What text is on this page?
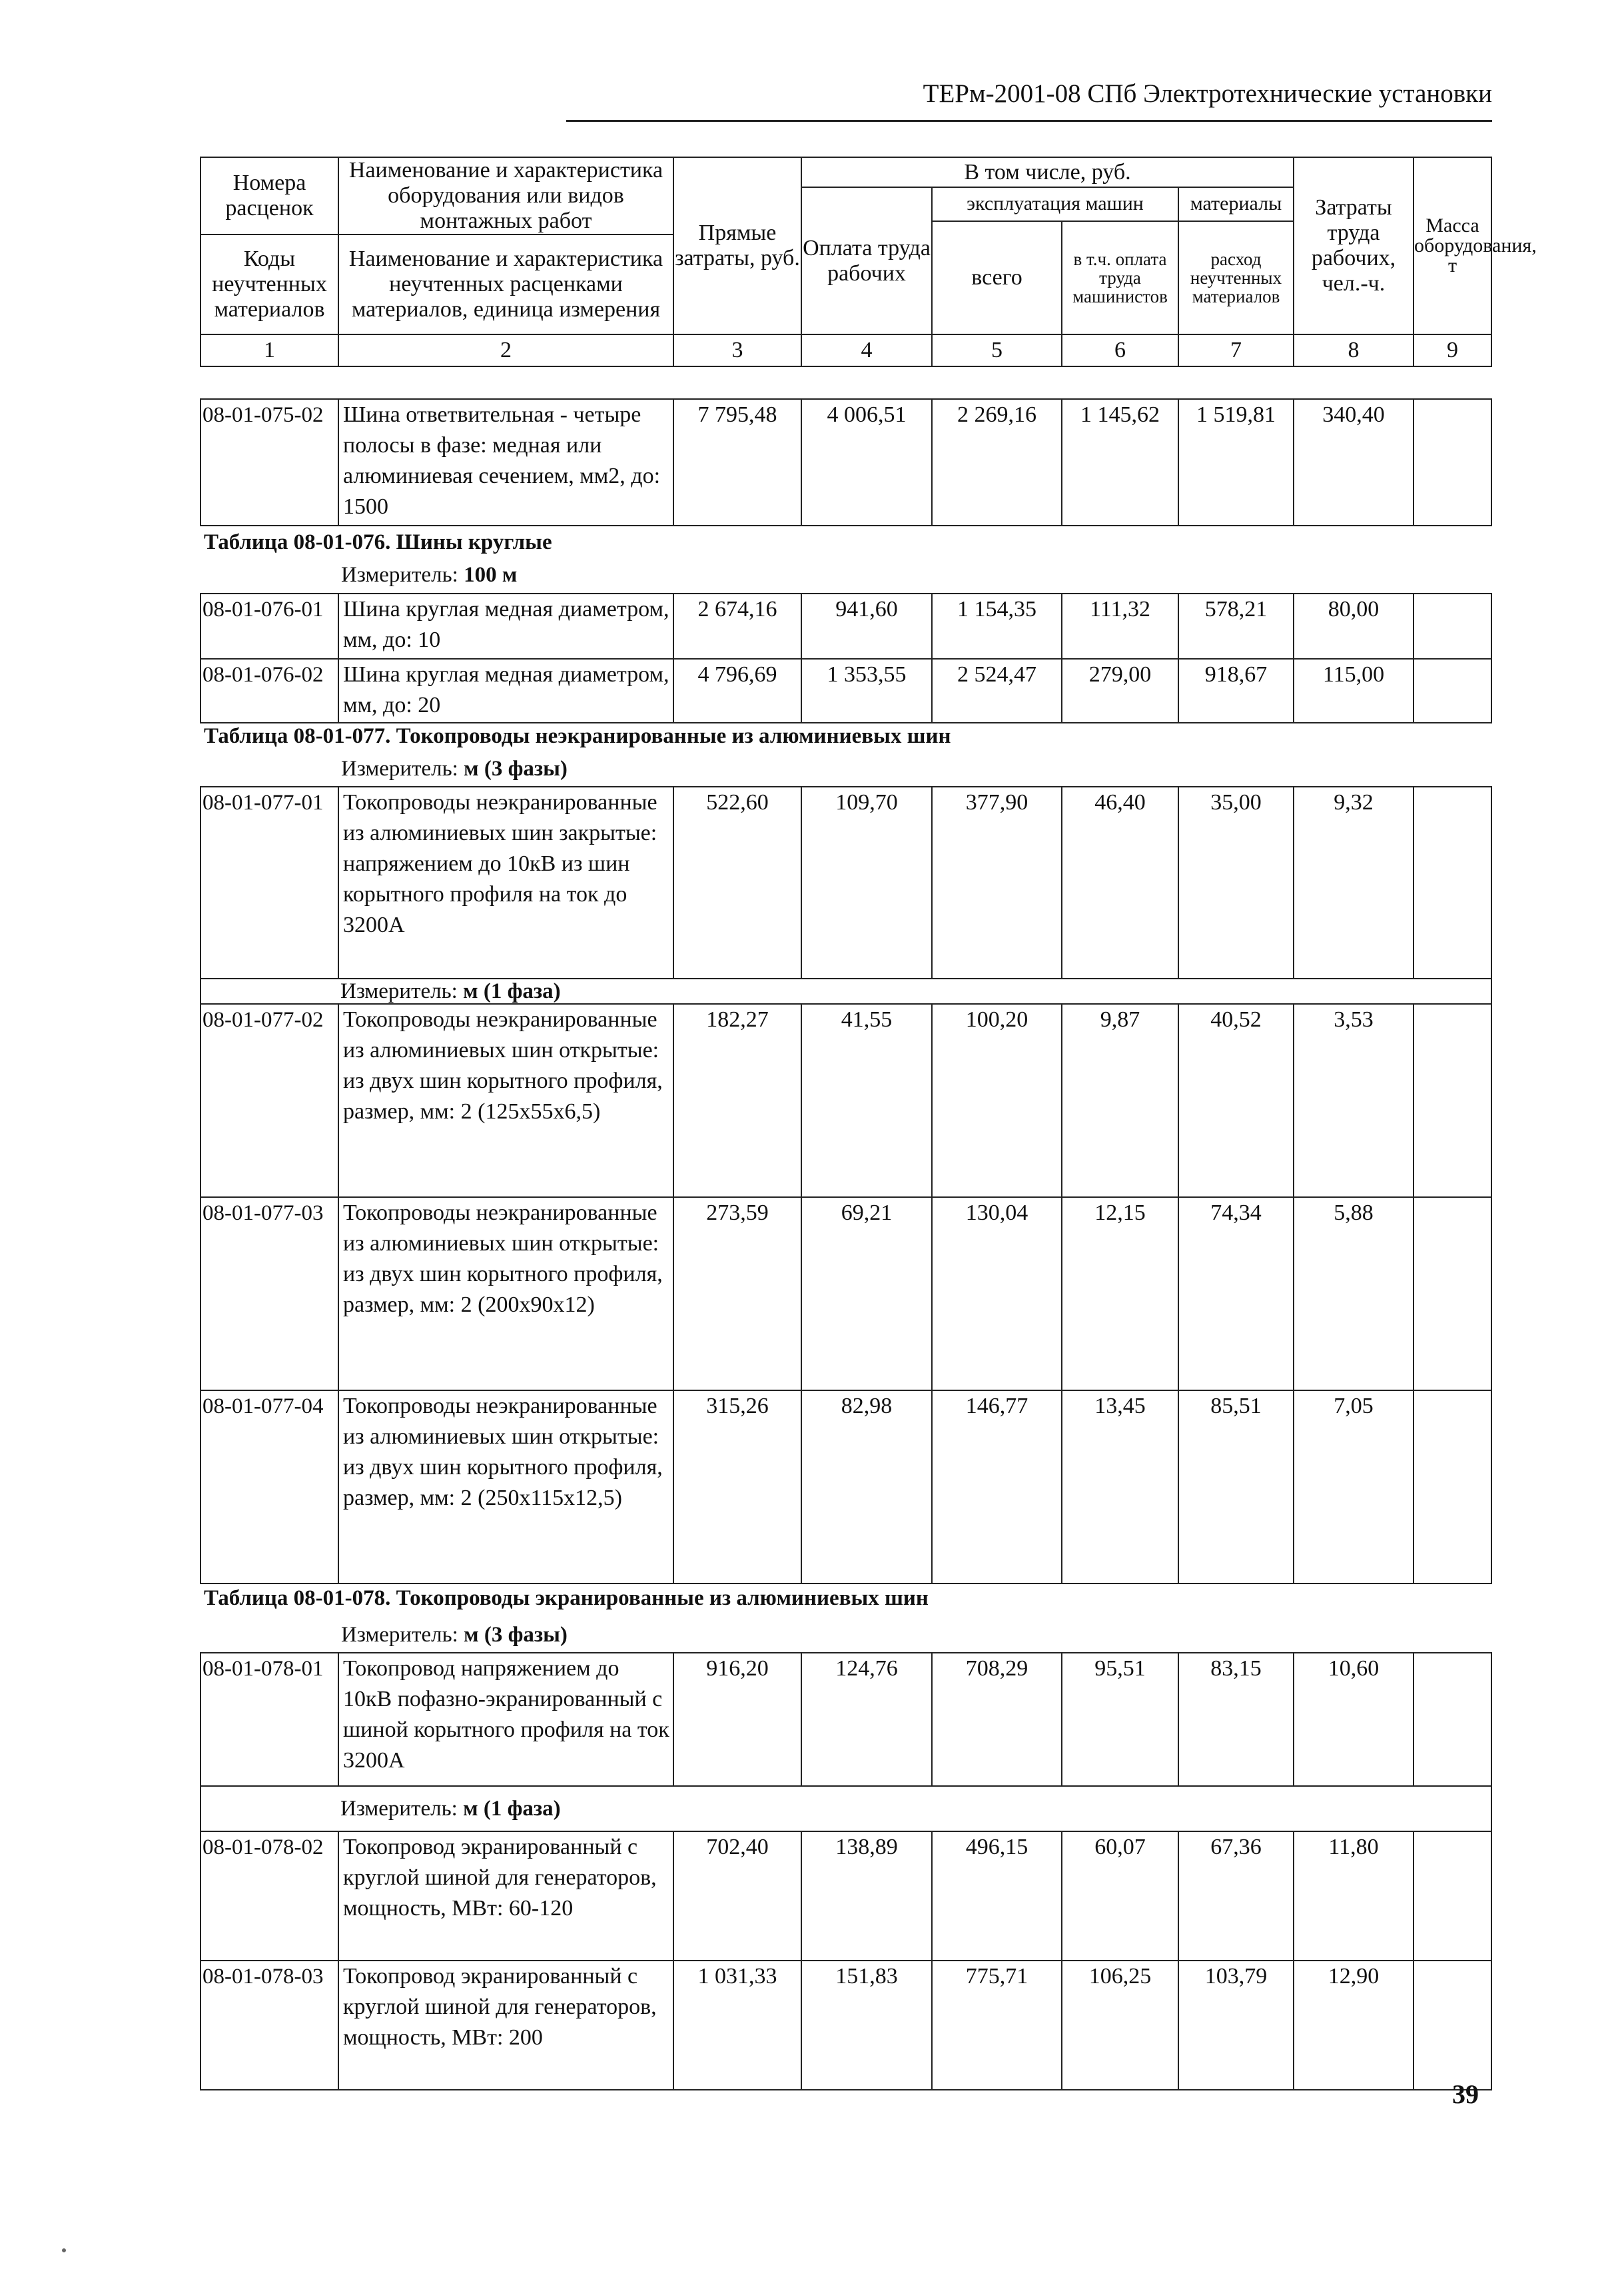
ТЕРм-2001-08 СПб Электротехнические установки
Номера расценок	Наименование и характеристика оборудования или видов монтажных работ	Прямые затраты, руб.	В том числе, руб.				Затраты труда рабочих, чел.-ч.	Масса оборудования, т
			Оплата труда рабочих	эксплуатация машин		материалы		
				всего	в т.ч. оплата труда машинистов	расход неучтенных материалов		
Коды неучтенных материалов	Наименование и характеристика неучтенных расценками материалов, единица измерения							

1	2	3	4	5	6	7	8	9
08-01-075-02	Шина ответвительная - четыре полосы в фазе: медная или алюминиевая сечением, мм2, до: 1500	7 795,48	4 006,51	2 269,16	1 145,62	1 519,81	340,40	
Таблица 08-01-076. Шины круглые
Измеритель: 100 м
08-01-076-01	Шина круглая медная диаметром, мм, до: 10	2 674,16	941,60	1 154,35	111,32	578,21	80,00	
08-01-076-02	Шина круглая медная диаметром, мм, до: 20	4 796,69	1 353,55	2 524,47	279,00	918,67	115,00	
Таблица 08-01-077. Токопроводы неэкранированные из алюминиевых шин
Измеритель: м (3 фазы)
08-01-077-01	Токопроводы неэкранированные из алюминиевых шин закрытые: напряжением до 10кВ из шин корытного профиля на ток до 3200А	522,60	109,70	377,90	46,40	35,00	9,32	
Измеритель: м (1 фаза)								
08-01-077-02	Токопроводы неэкранированные из алюминиевых шин открытые: из двух шин корытного профиля, размер, мм: 2 (125x55x6,5)	182,27	41,55	100,20	9,87	40,52	3,53	
08-01-077-03	Токопроводы неэкранированные из алюминиевых шин открытые: из двух шин корытного профиля, размер, мм: 2 (200x90x12)	273,59	69,21	130,04	12,15	74,34	5,88	
08-01-077-04	Токопроводы неэкранированные из алюминиевых шин открытые: из двух шин корытного профиля, размер, мм: 2 (250x115x12,5)	315,26	82,98	146,77	13,45	85,51	7,05	
Таблица 08-01-078. Токопроводы экранированные из алюминиевых шин
Измеритель: м (3 фазы)
08-01-078-01	Токопровод напряжением до 10кВ пофазно-экранированный с шиной корытного профиля на ток 3200А	916,20	124,76	708,29	95,51	83,15	10,60	
Измеритель: м (1 фаза)								
08-01-078-02	Токопровод экранированный с круглой шиной для генераторов, мощность, МВт: 60-120	702,40	138,89	496,15	60,07	67,36	11,80	
08-01-078-03	Токопровод экранированный с круглой шиной для генераторов, мощность, МВт: 200	1 031,33	151,83	775,71	106,25	103,79	12,90	
39
